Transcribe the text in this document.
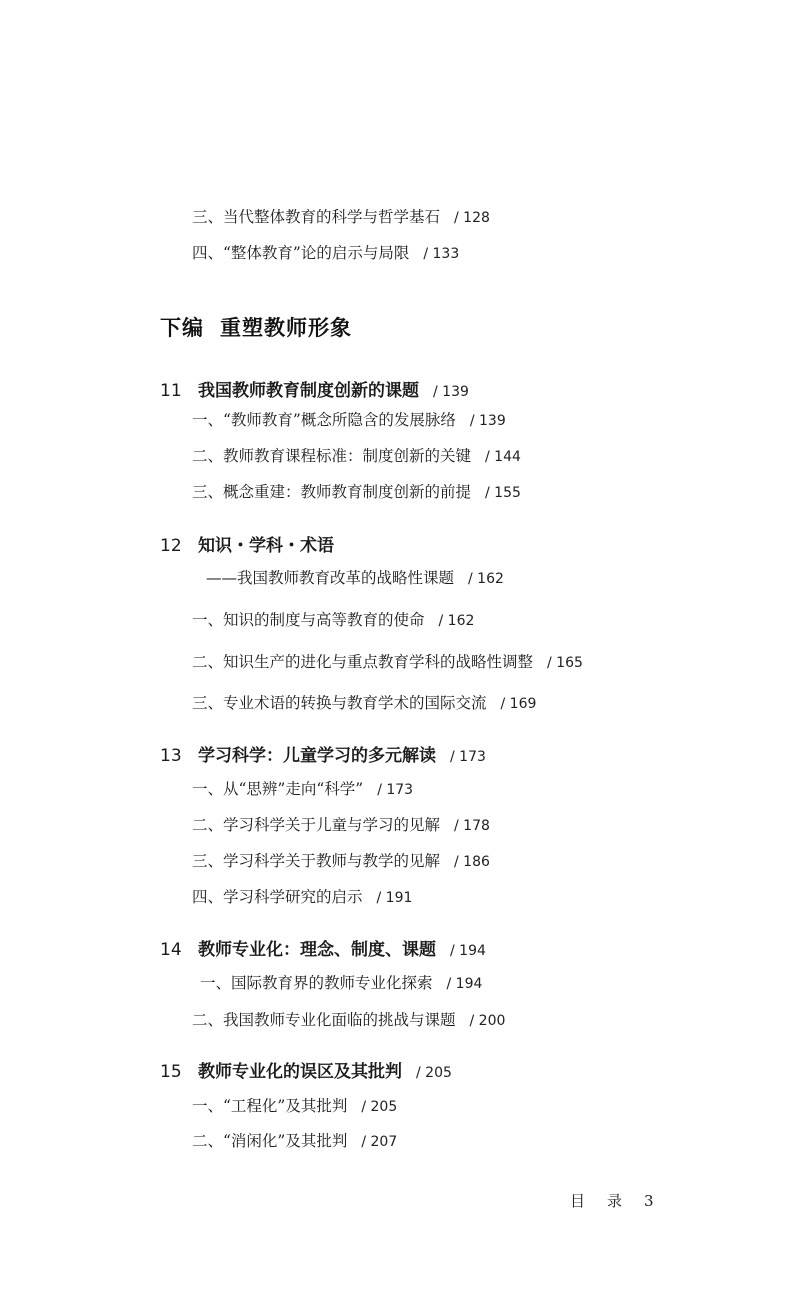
三、当代整体教育的科学与哲学基石 / 128
四、“整体教育”论的启示与局限 / 133
下编 重塑教师形象
11 我国教师教育制度创新的课题 / 139
一、“教师教育”概念所隐含的发展脉络 / 139
二、教师教育课程标准：制度创新的关键 / 144
三、概念重建：教师教育制度创新的前提 / 155
12 知识・学科・术语
——我国教师教育改革的战略性课题 / 162
一、知识的制度与高等教育的使命 / 162
二、知识生产的进化与重点教育学科的战略性调整 / 165
三、专业术语的转换与教育学术的国际交流 / 169
13 学习科学：儿童学习的多元解读 / 173
一、从“思辨”走向“科学” / 173
二、学习科学关于儿童与学习的见解 / 178
三、学习科学关于教师与教学的见解 / 186
四、学习科学研究的启示 / 191
14 教师专业化：理念、制度、课题 / 194
一、国际教育界的教师专业化探索 / 194
二、我国教师专业化面临的挑战与课题 / 200
15 教师专业化的误区及其批判 / 205
一、“工程化”及其批判 / 205
二、“消闲化”及其批判 / 207
目 录 3
